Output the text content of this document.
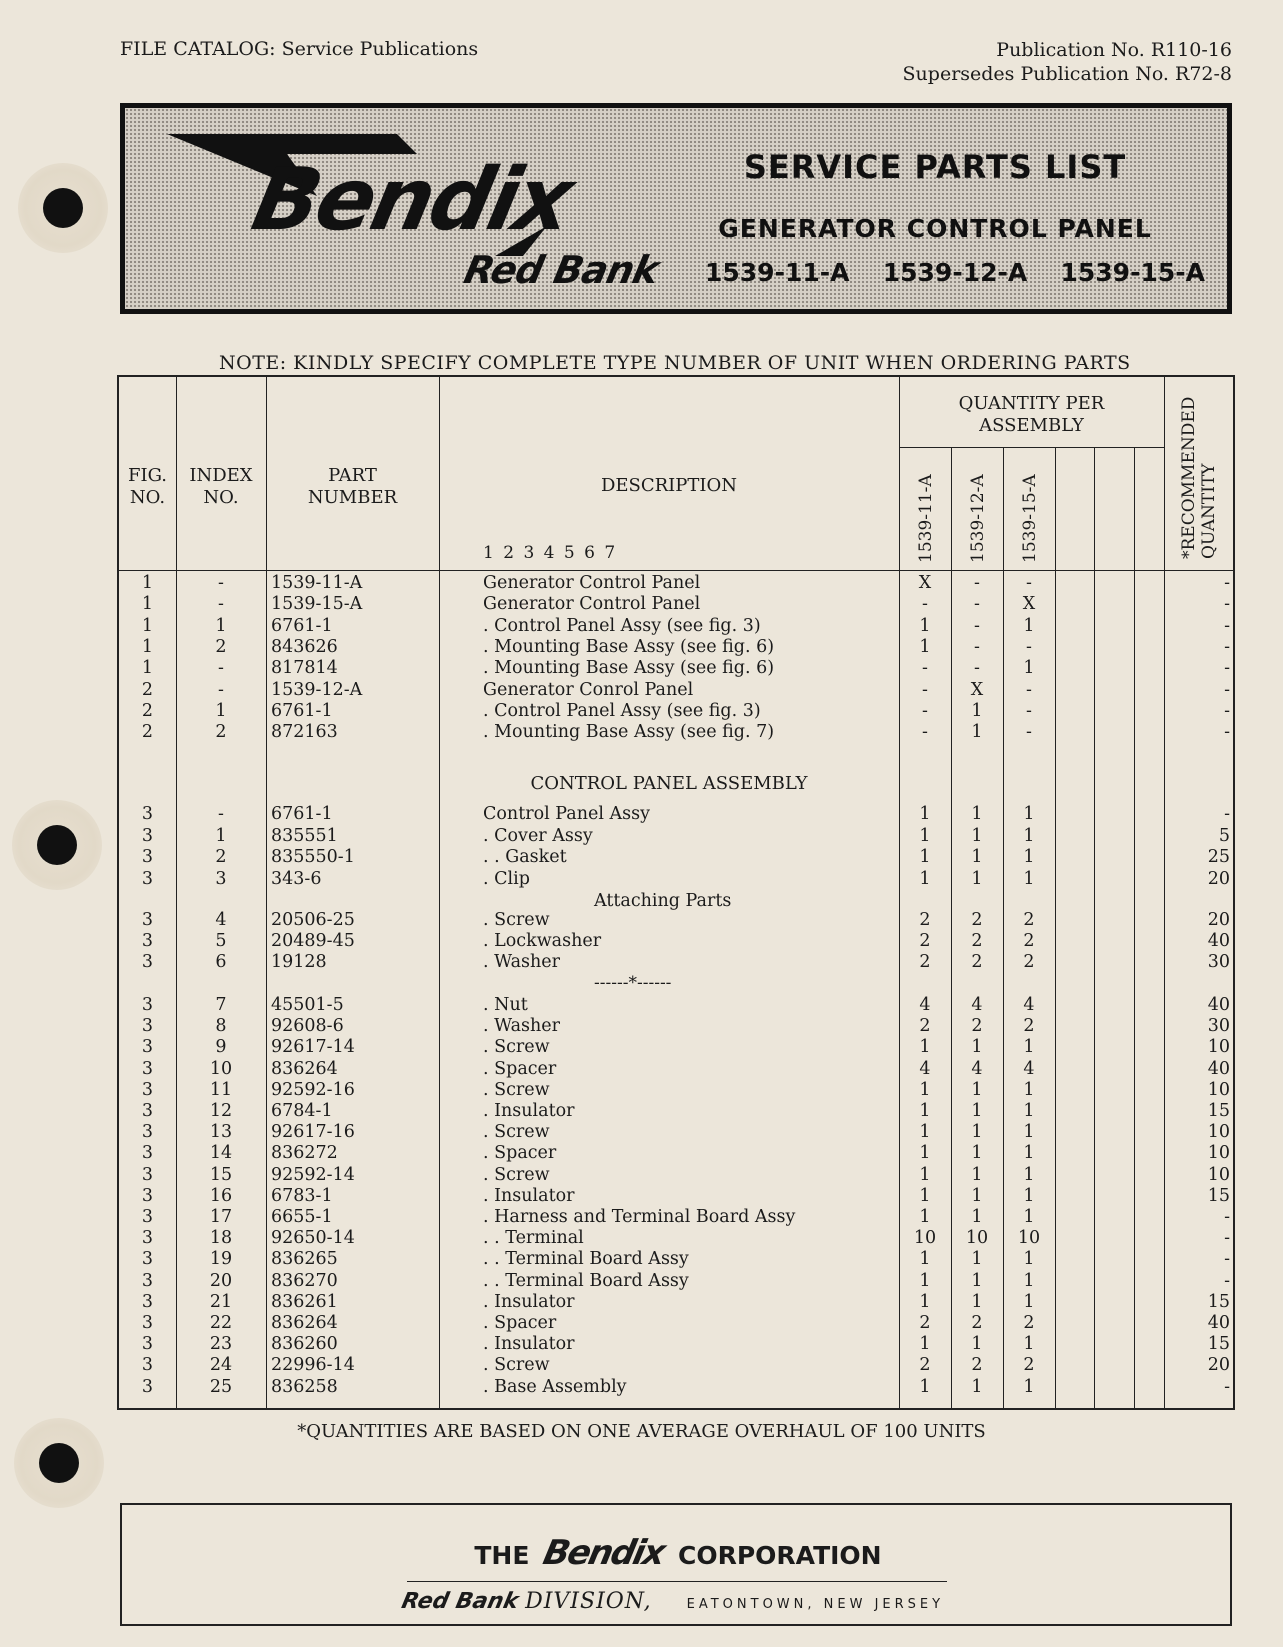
FILE CATALOG: Service Publications	Publication No. R110-16
Supersedes Publication No. R72-8
Bendix
Red Bank
SERVICE PARTS LIST
GENERATOR CONTROL PANEL
1539-11-A 1539-12-A 1539-15-A
NOTE: KINDLY SPECIFY COMPLETE TYPE NUMBER OF UNIT WHEN ORDERING PARTS
FIG.
NO.
INDEX
NO.
PART
NUMBER
DESCRIPTION
1 2 3 4 5 6 7
QUANTITY PER
ASSEMBLY
1539-11-A 1539-12-A 1539-15-A	*RECOMMENDED QUANTITY
1	-	1539-11-A	Generator Control Panel	X	-	-	-
1	-	1539-15-A	Generator Control Panel	-	-	X	-
1	1	6761-1	. Control Panel Assy (see fig. 3)	1	-	1	-
1	2	843626	. Mounting Base Assy (see fig. 6)	1	-	-	-
1	-	817814	. Mounting Base Assy (see fig. 6)	-	-	1	-
2	-	1539-12-A	Generator Conrol Panel	-	X	-	-
2	1	6761-1	. Control Panel Assy (see fig. 3)	-	1	-	-
2	2	872163	. Mounting Base Assy (see fig. 7)	-	1	-	-
CONTROL PANEL ASSEMBLY
3	-	6761-1	Control Panel Assy	1	1	1	-
3	1	835551	. Cover Assy	1	1	1	5
3	2	835550-1	. . Gasket	1	1	1	25
3	3	343-6	. Clip	1	1	1	20
Attaching Parts
3	4	20506-25	. Screw	2	2	2	20
3	5	20489-45	. Lockwasher	2	2	2	40
3	6	19128	. Washer	2	2	2	30
------*------
3	7	45501-5	. Nut	4	4	4	40
3	8	92608-6	. Washer	2	2	2	30
3	9	92617-14	. Screw	1	1	1	10
3	10	836264	. Spacer	4	4	4	40
3	11	92592-16	. Screw	1	1	1	10
3	12	6784-1	. Insulator	1	1	1	15
3	13	92617-16	. Screw	1	1	1	10
3	14	836272	. Spacer	1	1	1	10
3	15	92592-14	. Screw	1	1	1	10
3	16	6783-1	. Insulator	1	1	1	15
3	17	6655-1	. Harness and Terminal Board Assy	1	1	1	-
3	18	92650-14	. . Terminal	10	10	10	-
3	19	836265	. . Terminal Board Assy	1	1	1	-
3	20	836270	. . Terminal Board Assy	1	1	1	-
3	21	836261	. Insulator	1	1	1	15
3	22	836264	. Spacer	2	2	2	40
3	23	836260	. Insulator	1	1	1	15
3	24	22996-14	. Screw	2	2	2	20
3	25	836258	. Base Assembly	1	1	1	-
*QUANTITIES ARE BASED ON ONE AVERAGE OVERHAUL OF 100 UNITS
THE Bendix CORPORATION
Red Bank DIVISION,	EATONTOWN, NEW JERSEY
